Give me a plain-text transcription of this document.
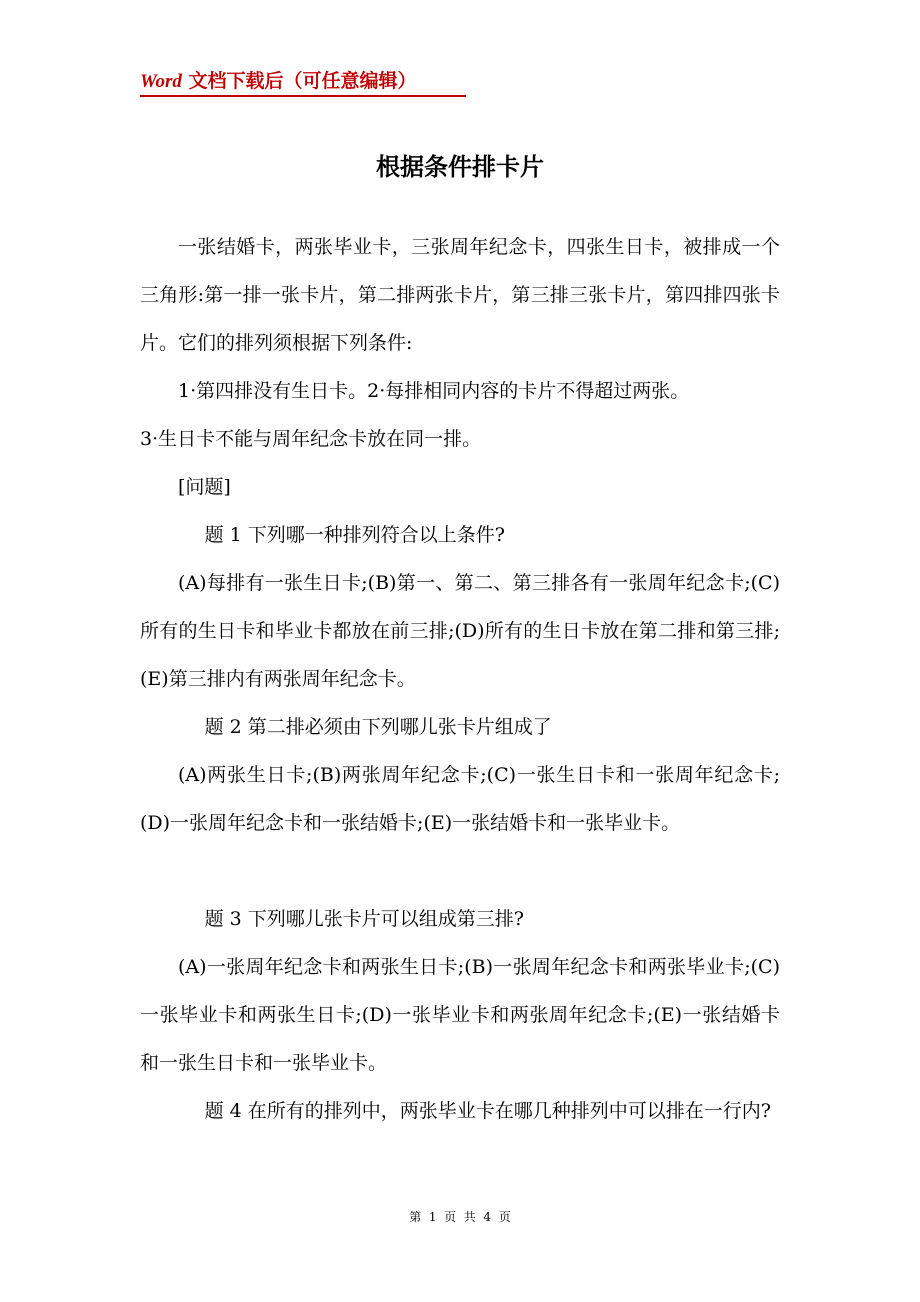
Word 文档下载后（可任意编辑）
根据条件排卡片

一张结婚卡，两张毕业卡，三张周年纪念卡，四张生日卡，被排成一个三角形:第一排一张卡片，第二排两张卡片，第三排三张卡片，第四排四张卡片。它们的排列须根据下列条件:

1·第四排没有生日卡。2·每排相同内容的卡片不得超过两张。

3·生日卡不能与周年纪念卡放在同一排。

[问题]

题 1 下列哪一种排列符合以上条件?

(A)每排有一张生日卡;(B)第一、第二、第三排各有一张周年纪念卡;(C)所有的生日卡和毕业卡都放在前三排;(D)所有的生日卡放在第二排和第三排;(E)第三排内有两张周年纪念卡。

题 2 第二排必须由下列哪儿张卡片组成了

(A)两张生日卡;(B)两张周年纪念卡;(C)一张生日卡和一张周年纪念卡;(D)一张周年纪念卡和一张结婚卡;(E)一张结婚卡和一张毕业卡。

题 3 下列哪儿张卡片可以组成第三排?

(A)一张周年纪念卡和两张生日卡;(B)一张周年纪念卡和两张毕业卡;(C)一张毕业卡和两张生日卡;(D)一张毕业卡和两张周年纪念卡;(E)一张结婚卡和一张生日卡和一张毕业卡。

题 4 在所有的排列中，两张毕业卡在哪几种排列中可以排在一行内?

第  1  页  共  4  页
